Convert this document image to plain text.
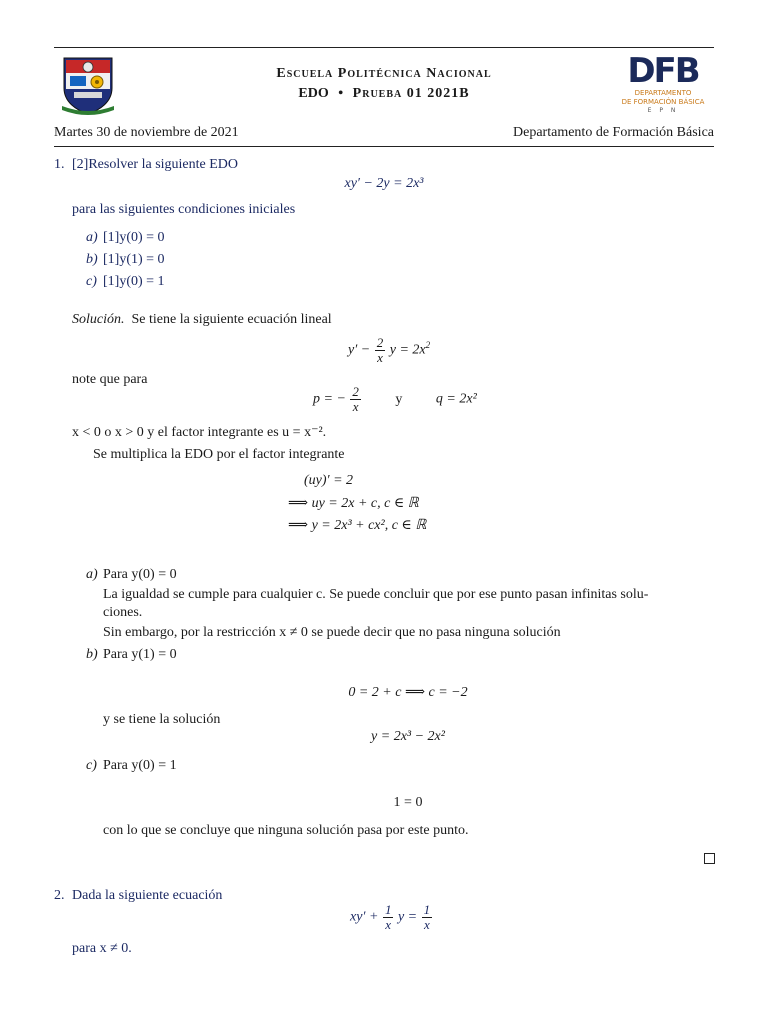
Escuela Politécnica Nacional
EDO • Prueba 01 2021B
DFB
DEPARTAMENTO
DE FORMACIÓN BÁSICA
E P N
Martes 30 de noviembre de 2021	Departamento de Formación Básica
1. [2]Resolver la siguiente EDO
xy′ − 2y = 2x³
para las siguientes condiciones iniciales
a) [1]y(0) = 0
b) [1]y(1) = 0
c) [1]y(0) = 1
Solución. Se tiene la siguiente ecuación lineal
$y' - \frac{2}{x}$ $y = 2x^2$
note que para
p = − $\frac{2}{x}$ y q = 2x²
x < 0 o x > 0 y el factor integrante es u = x⁻².
Se multiplica la EDO por el factor integrante
(uy)′ = 2
⟹ uy = 2x + c, c ∈ ℝ
⟹ y = 2x³ + cx², c ∈ ℝ
a) Para y(0) = 0
La igualdad se cumple para cualquier c. Se puede concluir que por ese punto pasan infinitas solu-
ciones.
Sin embargo, por la restricción x ≠ 0 se puede decir que no pasa ninguna solución
b) Para y(1) = 0
0 = 2 + c ⟹ c = −2
y se tiene la solución
y = 2x³ − 2x²
c) Para y(0) = 1
1 = 0
con lo que se concluye que ninguna solución pasa por este punto.
2. Dada la siguiente ecuación
$xy' + \frac{1}{x}$ $y = \frac{1}{x}$
para x ≠ 0.
